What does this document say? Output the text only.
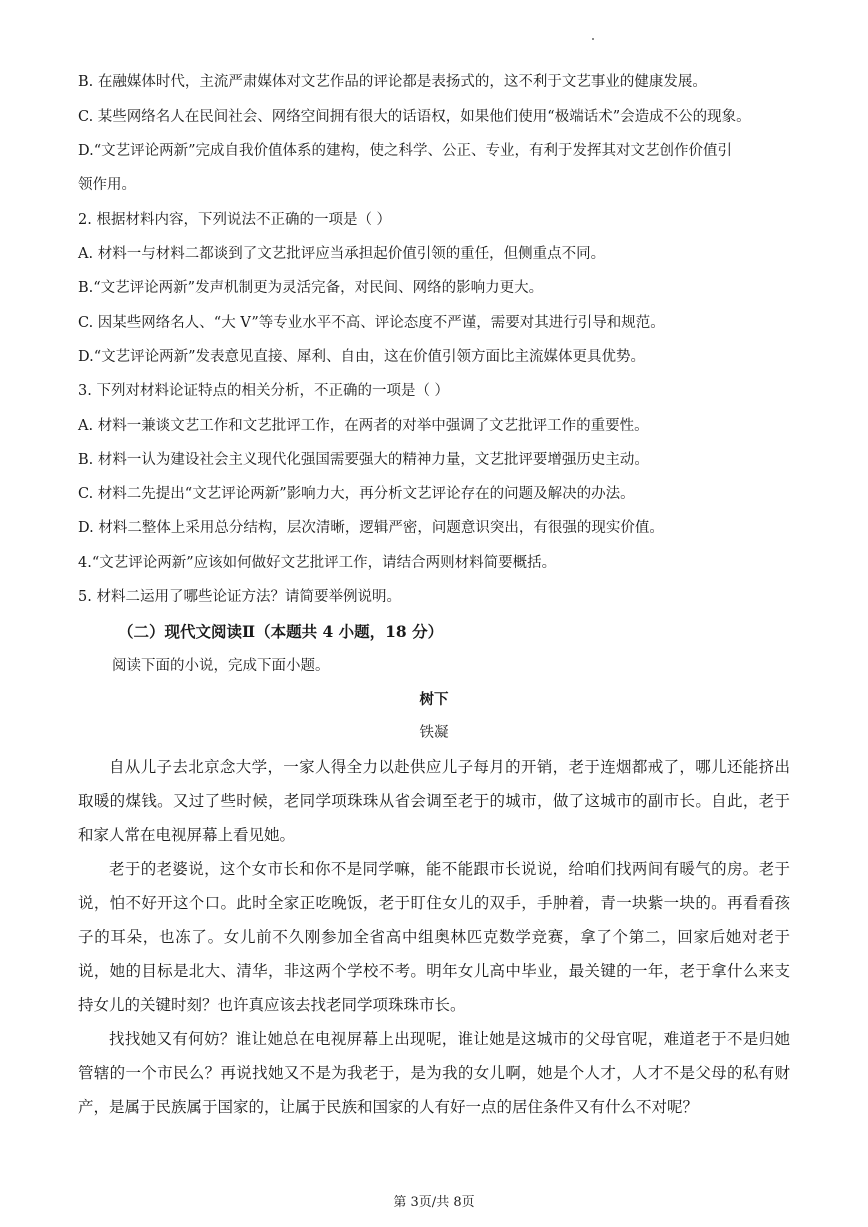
B. 在融媒体时代，主流严肃媒体对文艺作品的评论都是表扬式的，这不利于文艺事业的健康发展。
C. 某些网络名人在民间社会、网络空间拥有很大的话语权，如果他们使用“极端话术”会造成不公的现象。
D.“文艺评论两新”完成自我价值体系的建构，使之科学、公正、专业，有利于发挥其对文艺创作价值引
领作用。
2. 根据材料内容，下列说法不正确的一项是（ ）
A. 材料一与材料二都谈到了文艺批评应当承担起价值引领的重任，但侧重点不同。
B.“文艺评论两新”发声机制更为灵活完备，对民间、网络的影响力更大。
C. 因某些网络名人、“大 V”等专业水平不高、评论态度不严谨，需要对其进行引导和规范。
D.“文艺评论两新”发表意见直接、犀利、自由，这在价值引领方面比主流媒体更具优势。
3. 下列对材料论证特点的相关分析，不正确的一项是（ ）
A. 材料一兼谈文艺工作和文艺批评工作，在两者的对举中强调了文艺批评工作的重要性。
B. 材料一认为建设社会主义现代化强国需要强大的精神力量，文艺批评要增强历史主动。
C. 材料二先提出“文艺评论两新”影响力大，再分析文艺评论存在的问题及解决的办法。
D. 材料二整体上采用总分结构，层次清晰，逻辑严密，问题意识突出，有很强的现实价值。
4.“文艺评论两新”应该如何做好文艺批评工作，请结合两则材料简要概括。
5. 材料二运用了哪些论证方法？请简要举例说明。
（二）现代文阅读Ⅱ（本题共 4 小题，18 分）
阅读下面的小说，完成下面小题。
树下
铁凝

自从儿子去北京念大学，一家人得全力以赴供应儿子每月的开销，老于连烟都戒了，哪儿还能挤出取暖的煤钱。又过了些时候，老同学项珠珠从省会调至老于的城市，做了这城市的副市长。自此，老于和家人常在电视屏幕上看见她。

老于的老婆说，这个女市长和你不是同学嘛，能不能跟市长说说，给咱们找两间有暖气的房。老于说，怕不好开这个口。此时全家正吃晚饭，老于盯住女儿的双手，手肿着，青一块紫一块的。再看看孩子的耳朵，也冻了。女儿前不久刚参加全省高中组奥林匹克数学竞赛，拿了个第二，回家后她对老于说，她的目标是北大、清华，非这两个学校不考。明年女儿高中毕业，最关键的一年，老于拿什么来支持女儿的关键时刻？也许真应该去找老同学项珠珠市长。

找找她又有何妨？谁让她总在电视屏幕上出现呢，谁让她是这城市的父母官呢，难道老于不是归她管辖的一个市民么？再说找她又不是为我老于，是为我的女儿啊，她是个人才，人才不是父母的私有财产，是属于民族属于国家的，让属于民族和国家的人有好一点的居住条件又有什么不对呢？

第 3页/共 8页
